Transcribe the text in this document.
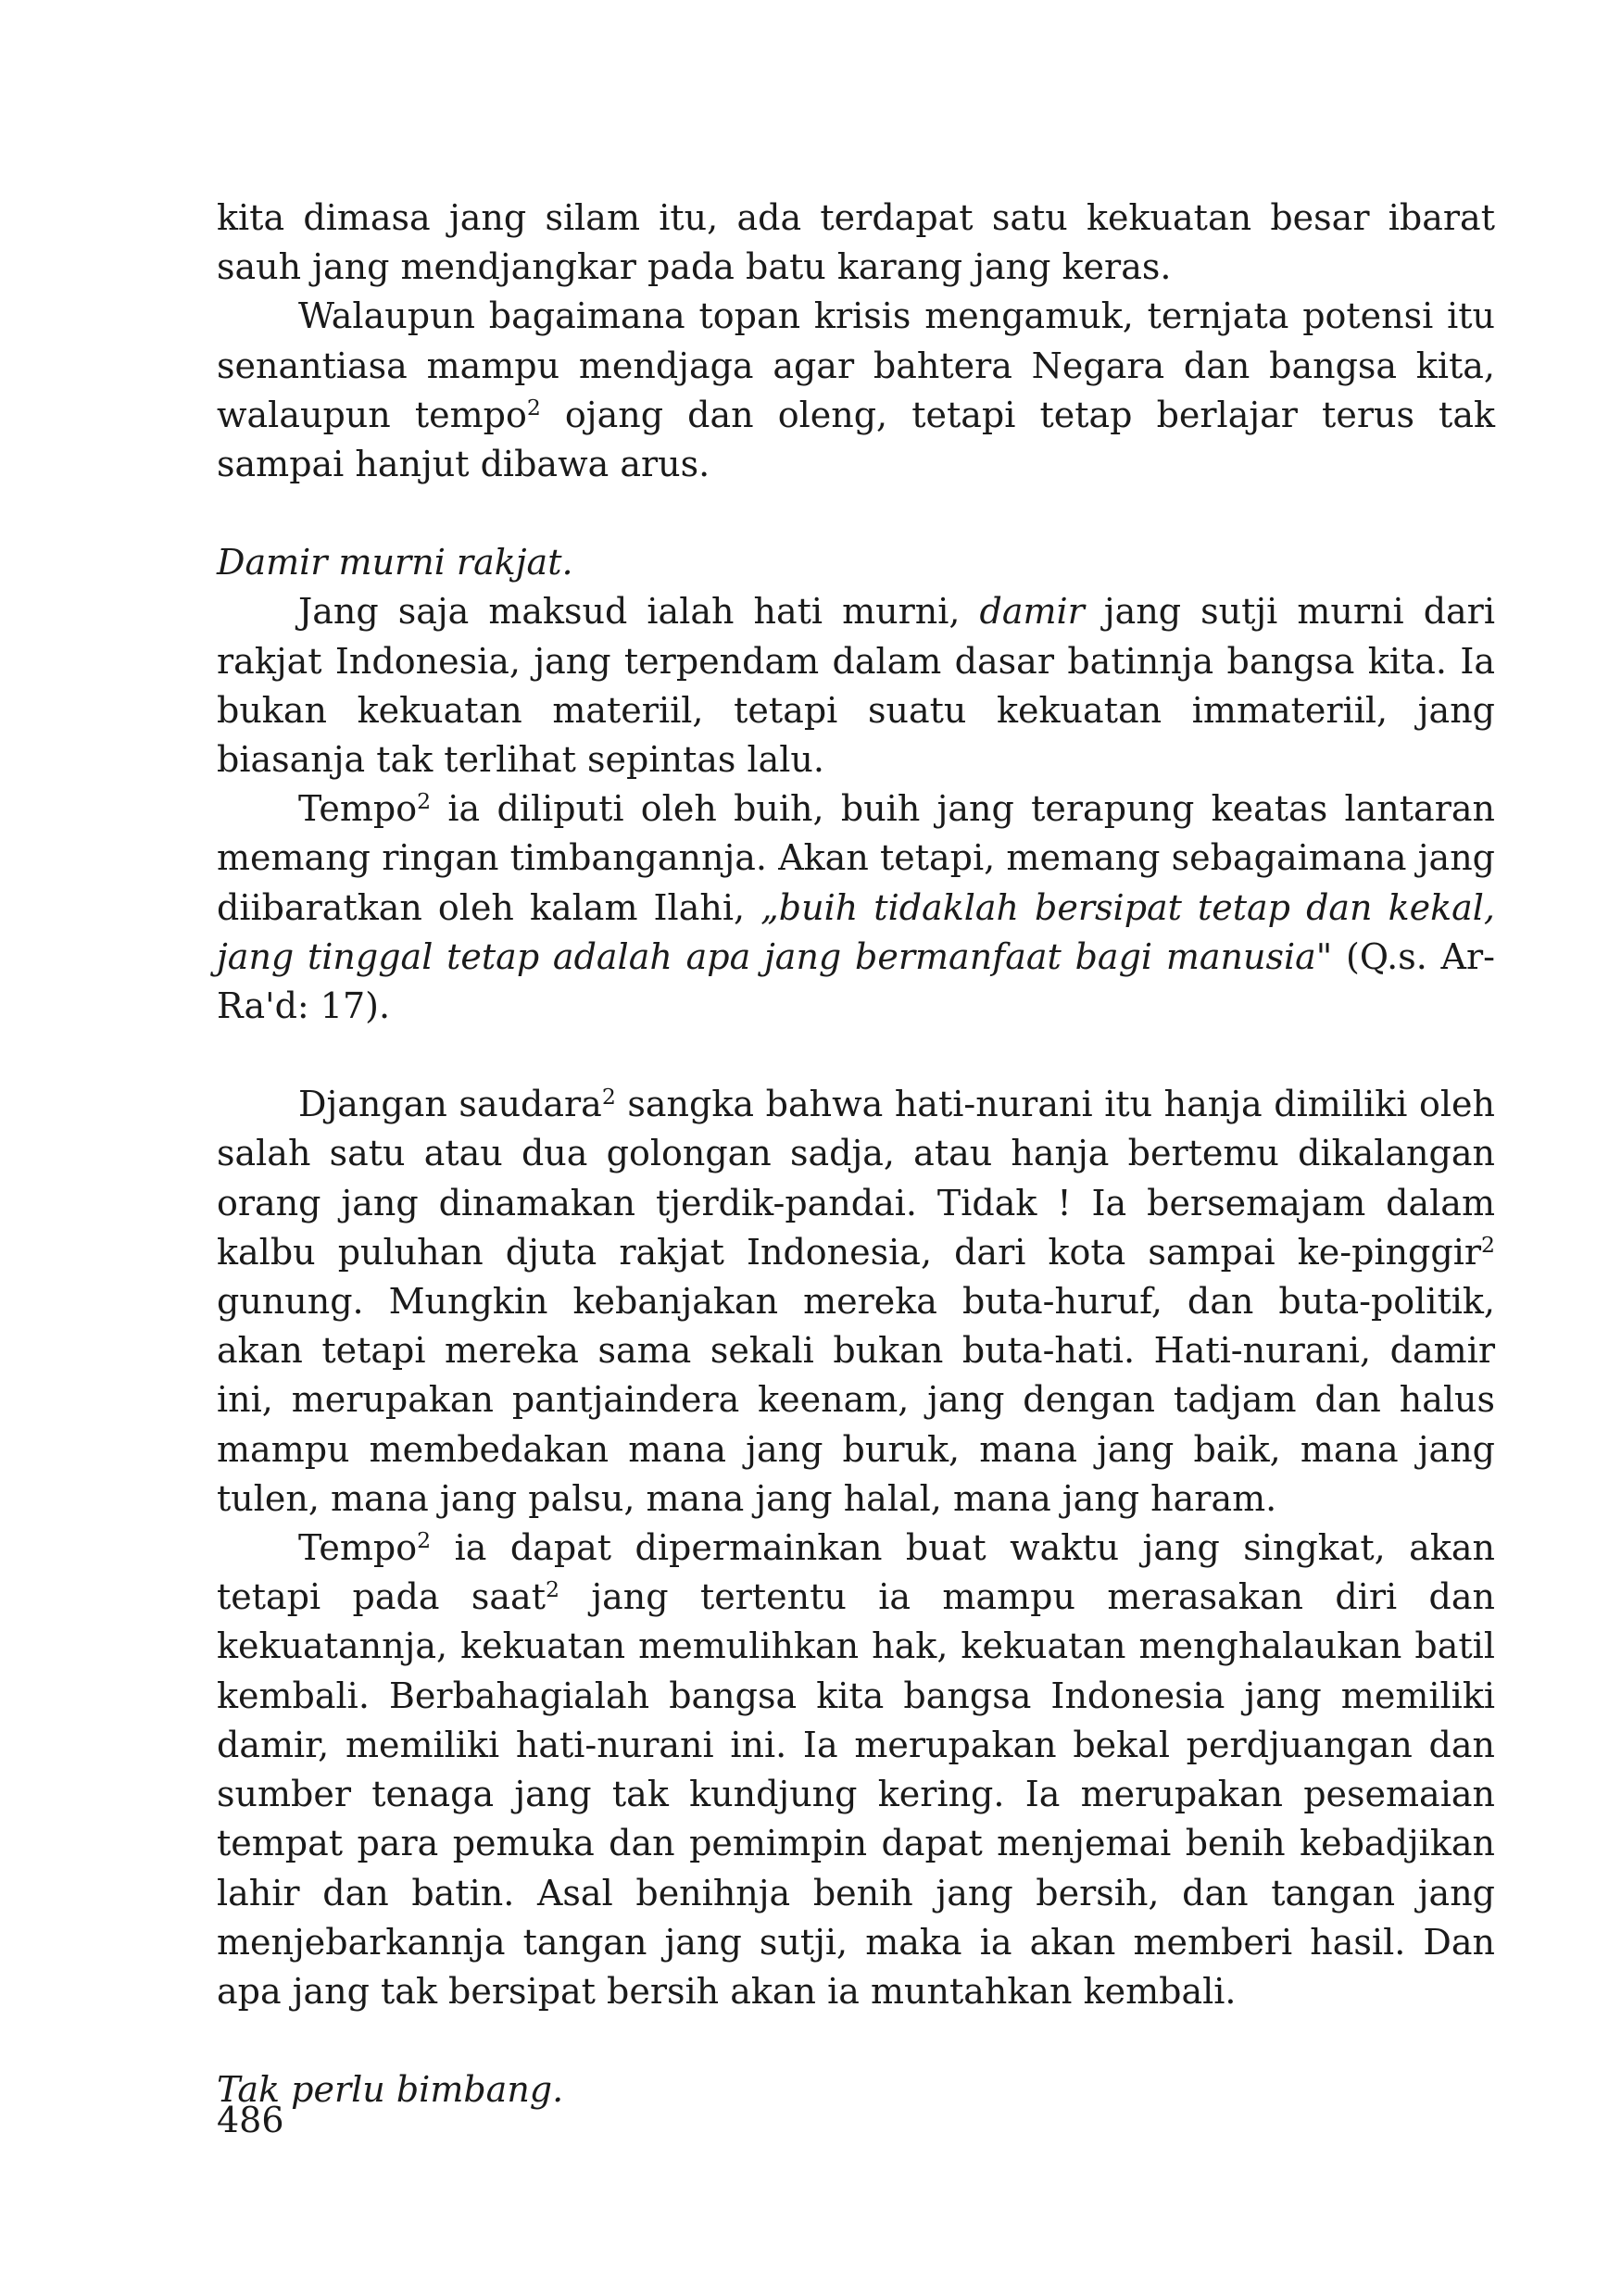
kita dimasa jang silam itu, ada terdapat satu kekuatan besar ibarat sauh jang mendjangkar pada batu karang jang keras.

Walaupun bagaimana topan krisis mengamuk, ternjata potensi itu senantiasa mampu mendjaga agar bahtera Negara dan bangsa kita, walaupun tempo$^2$ ojang dan oleng, tetapi tetap berlajar terus tak sampai hanjut dibawa arus.

Damir murni rakjat.

Jang saja maksud ialah hati murni, damir jang sutji murni dari rakjat Indonesia, jang terpendam dalam dasar batinnja bangsa kita. Ia bukan kekuatan materiil, tetapi suatu kekuatan immateriil, jang biasanja tak terlihat sepintas lalu.

Tempo$^2$ ia diliputi oleh buih, buih jang terapung keatas lantaran memang ringan timbangannja. Akan tetapi, memang sebagaimana jang diibaratkan oleh kalam Ilahi, „buih tidaklah bersipat tetap dan kekal, jang tinggal tetap adalah apa jang bermanfaat bagi manusia" (Q.s. Ar-Ra'd: 17).

Djangan saudara$^2$ sangka bahwa hati-nurani itu hanja dimiliki oleh salah satu atau dua golongan sadja, atau hanja bertemu dikalangan orang jang dinamakan tjerdik-pandai. Tidak ! Ia bersemajam dalam kalbu puluhan djuta rakjat Indonesia, dari kota sampai ke-pinggir$^2$ gunung. Mungkin kebanjakan mereka buta-huruf, dan buta-politik, akan tetapi mereka sama sekali bukan buta-hati. Hati-nurani, damir ini, merupakan pantjaindera keenam, jang dengan tadjam dan halus mampu membedakan mana jang buruk, mana jang baik, mana jang tulen, mana jang palsu, mana jang halal, mana jang haram.

Tempo$^2$ ia dapat dipermainkan buat waktu jang singkat, akan tetapi pada saat$^2$ jang tertentu ia mampu merasakan diri dan kekuatannja, kekuatan memulihkan hak, kekuatan menghalaukan batil kembali. Berbahagialah bangsa kita bangsa Indonesia jang memiliki damir, memiliki hati-nurani ini. Ia merupakan bekal perdjuangan dan sumber tenaga jang tak kundjung kering. Ia merupakan pesemaian tempat para pemuka dan pemimpin dapat menjemai benih kebadjikan lahir dan batin. Asal benihnja benih jang bersih, dan tangan jang menjebarkannja tangan jang sutji, maka ia akan memberi hasil. Dan apa jang tak bersipat bersih akan ia muntahkan kembali.

Tak perlu bimbang.

486
